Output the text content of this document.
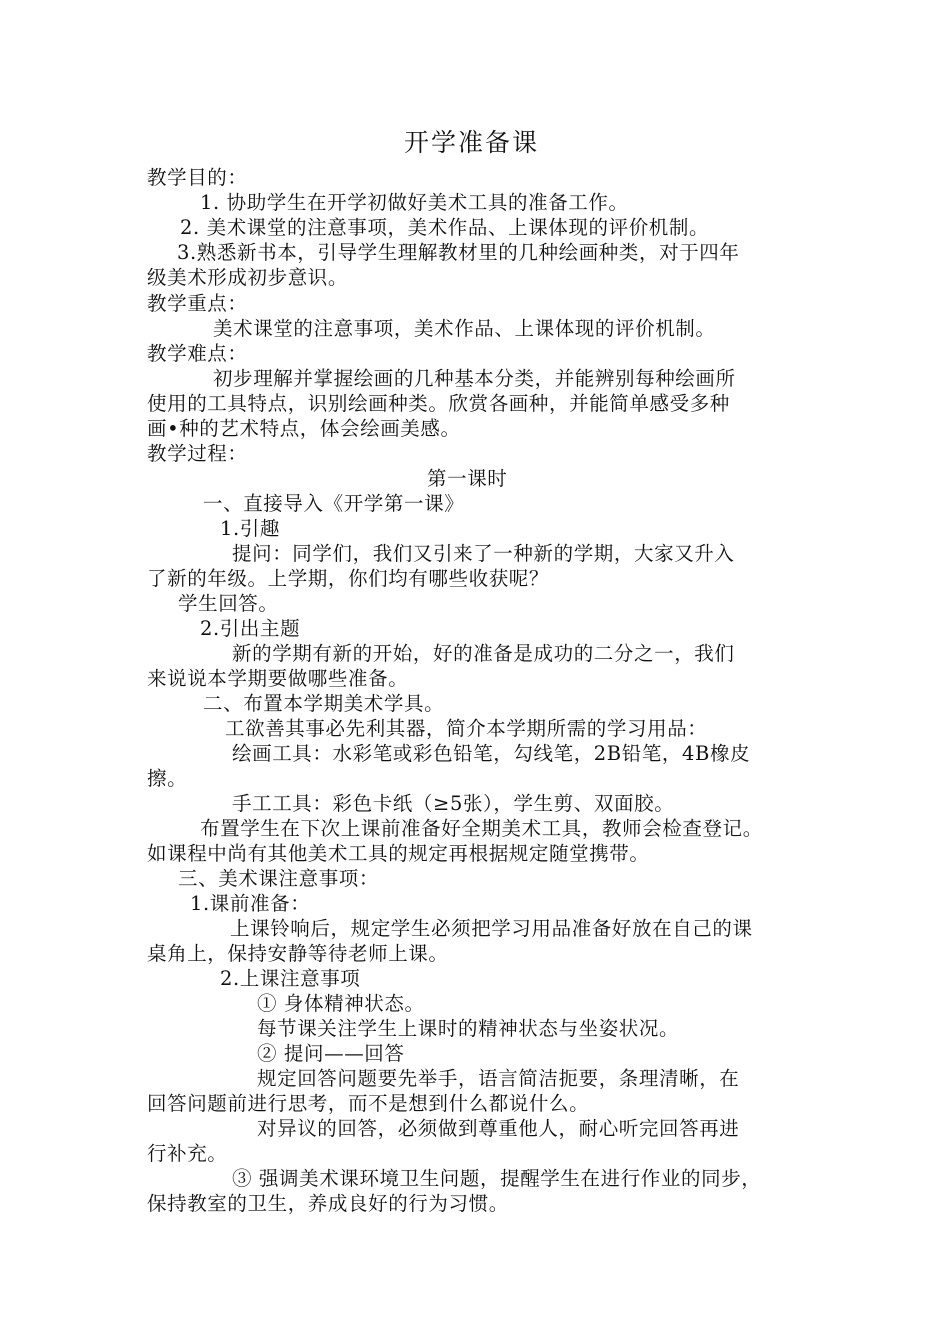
开学准备课
教学目的：
1. 协助学生在开学初做好美术工具的准备工作。
2. 美术课堂的注意事项，美术作品、上课体现的评价机制。
3.熟悉新书本，引导学生理解教材里的几种绘画种类，对于四年
级美术形成初步意识。
教学重点：
美术课堂的注意事项，美术作品、上课体现的评价机制。
教学难点：
初步理解并掌握绘画的几种基本分类，并能辨别每种绘画所
使用的工具特点，识别绘画种类。欣赏各画种，并能简单感受多种
画•种的艺术特点，体会绘画美感。
教学过程：
第一课时
一、直接导入《开学第一课》
1.引趣
提问：同学们，我们又引来了一种新的学期，大家又升入
了新的年级。上学期，你们均有哪些收获呢？
学生回答。
2.引出主题
新的学期有新的开始，好的准备是成功的二分之一，我们
来说说本学期要做哪些准备。
二、布置本学期美术学具。
工欲善其事必先利其器，简介本学期所需的学习用品：
绘画工具：水彩笔或彩色铅笔，勾线笔，2B铅笔，4B橡皮
擦。
手工工具：彩色卡纸（≥5张），学生剪、双面胶。
布置学生在下次上课前准备好全期美术工具，教师会检查登记。
如课程中尚有其他美术工具的规定再根据规定随堂携带。
三、美术课注意事项：
1.课前准备：
上课铃响后，规定学生必须把学习用品准备好放在自己的课
桌角上，保持安静等待老师上课。
2.上课注意事项
① 身体精神状态。
每节课关注学生上课时的精神状态与坐姿状况。
② 提问——回答
规定回答问题要先举手，语言简洁扼要，条理清晰，在
回答问题前进行思考，而不是想到什么都说什么。
对异议的回答，必须做到尊重他人，耐心听完回答再进
行补充。
③ 强调美术课环境卫生问题，提醒学生在进行作业的同步，
保持教室的卫生，养成良好的行为习惯。
